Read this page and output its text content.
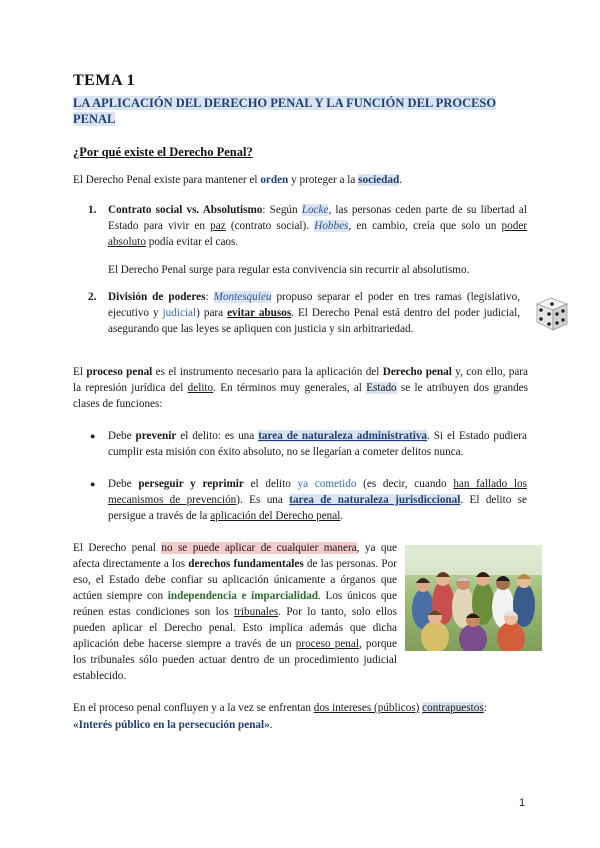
TEMA 1
LA APLICACIÓN DEL DERECHO PENAL Y LA FUNCIÓN DEL PROCESO PENAL
¿Por qué existe el Derecho Penal?
El Derecho Penal existe para mantener el orden y proteger a la sociedad.
1. Contrato social vs. Absolutismo: Según Locke, las personas ceden parte de su libertad al Estado para vivir en paz (contrato social). Hobbes, en cambio, creía que solo un poder absoluto podía evitar el caos.
El Derecho Penal surge para regular esta convivencia sin recurrir al absolutismo.
2. División de poderes: Montesquieu propuso separar el poder en tres ramas (legislativo, ejecutivo y judicial) para evitar abusos. El Derecho Penal está dentro del poder judicial, asegurando que las leyes se apliquen con justicia y sin arbitrariedad.
El proceso penal es el instrumento necesario para la aplicación del Derecho penal y, con ello, para la represión jurídica del delito. En términos muy generales, al Estado se le atribuyen dos grandes clases de funciones:
● Debe prevenir el delito: es una tarea de naturaleza administrativa. Si el Estado pudiera cumplir esta misión con éxito absoluto, no se llegarían a cometer delitos nunca.
● Debe perseguir y reprimir el delito ya cometido (es decir, cuando han fallado los mecanismos de prevención). Es una tarea de naturaleza jurisdiccional. El delito se persigue a través de la aplicación del Derecho penal.
El Derecho penal no se puede aplicar de cualquier manera, ya que afecta directamente a los derechos fundamentales de las personas. Por eso, el Estado debe confiar su aplicación únicamente a órganos que actúen siempre con independencia e imparcialidad. Los únicos que reúnen estas condiciones son los tribunales. Por lo tanto, solo ellos pueden aplicar el Derecho penal. Esto implica además que dicha aplicación debe hacerse siempre a través de un proceso penal, porque los tribunales sólo pueden actuar dentro de un procedimiento judicial establecido.
En el proceso penal confluyen y a la vez se enfrentan dos intereses (públicos) contrapuestos:
«Interés público en la persecución penal».
1
